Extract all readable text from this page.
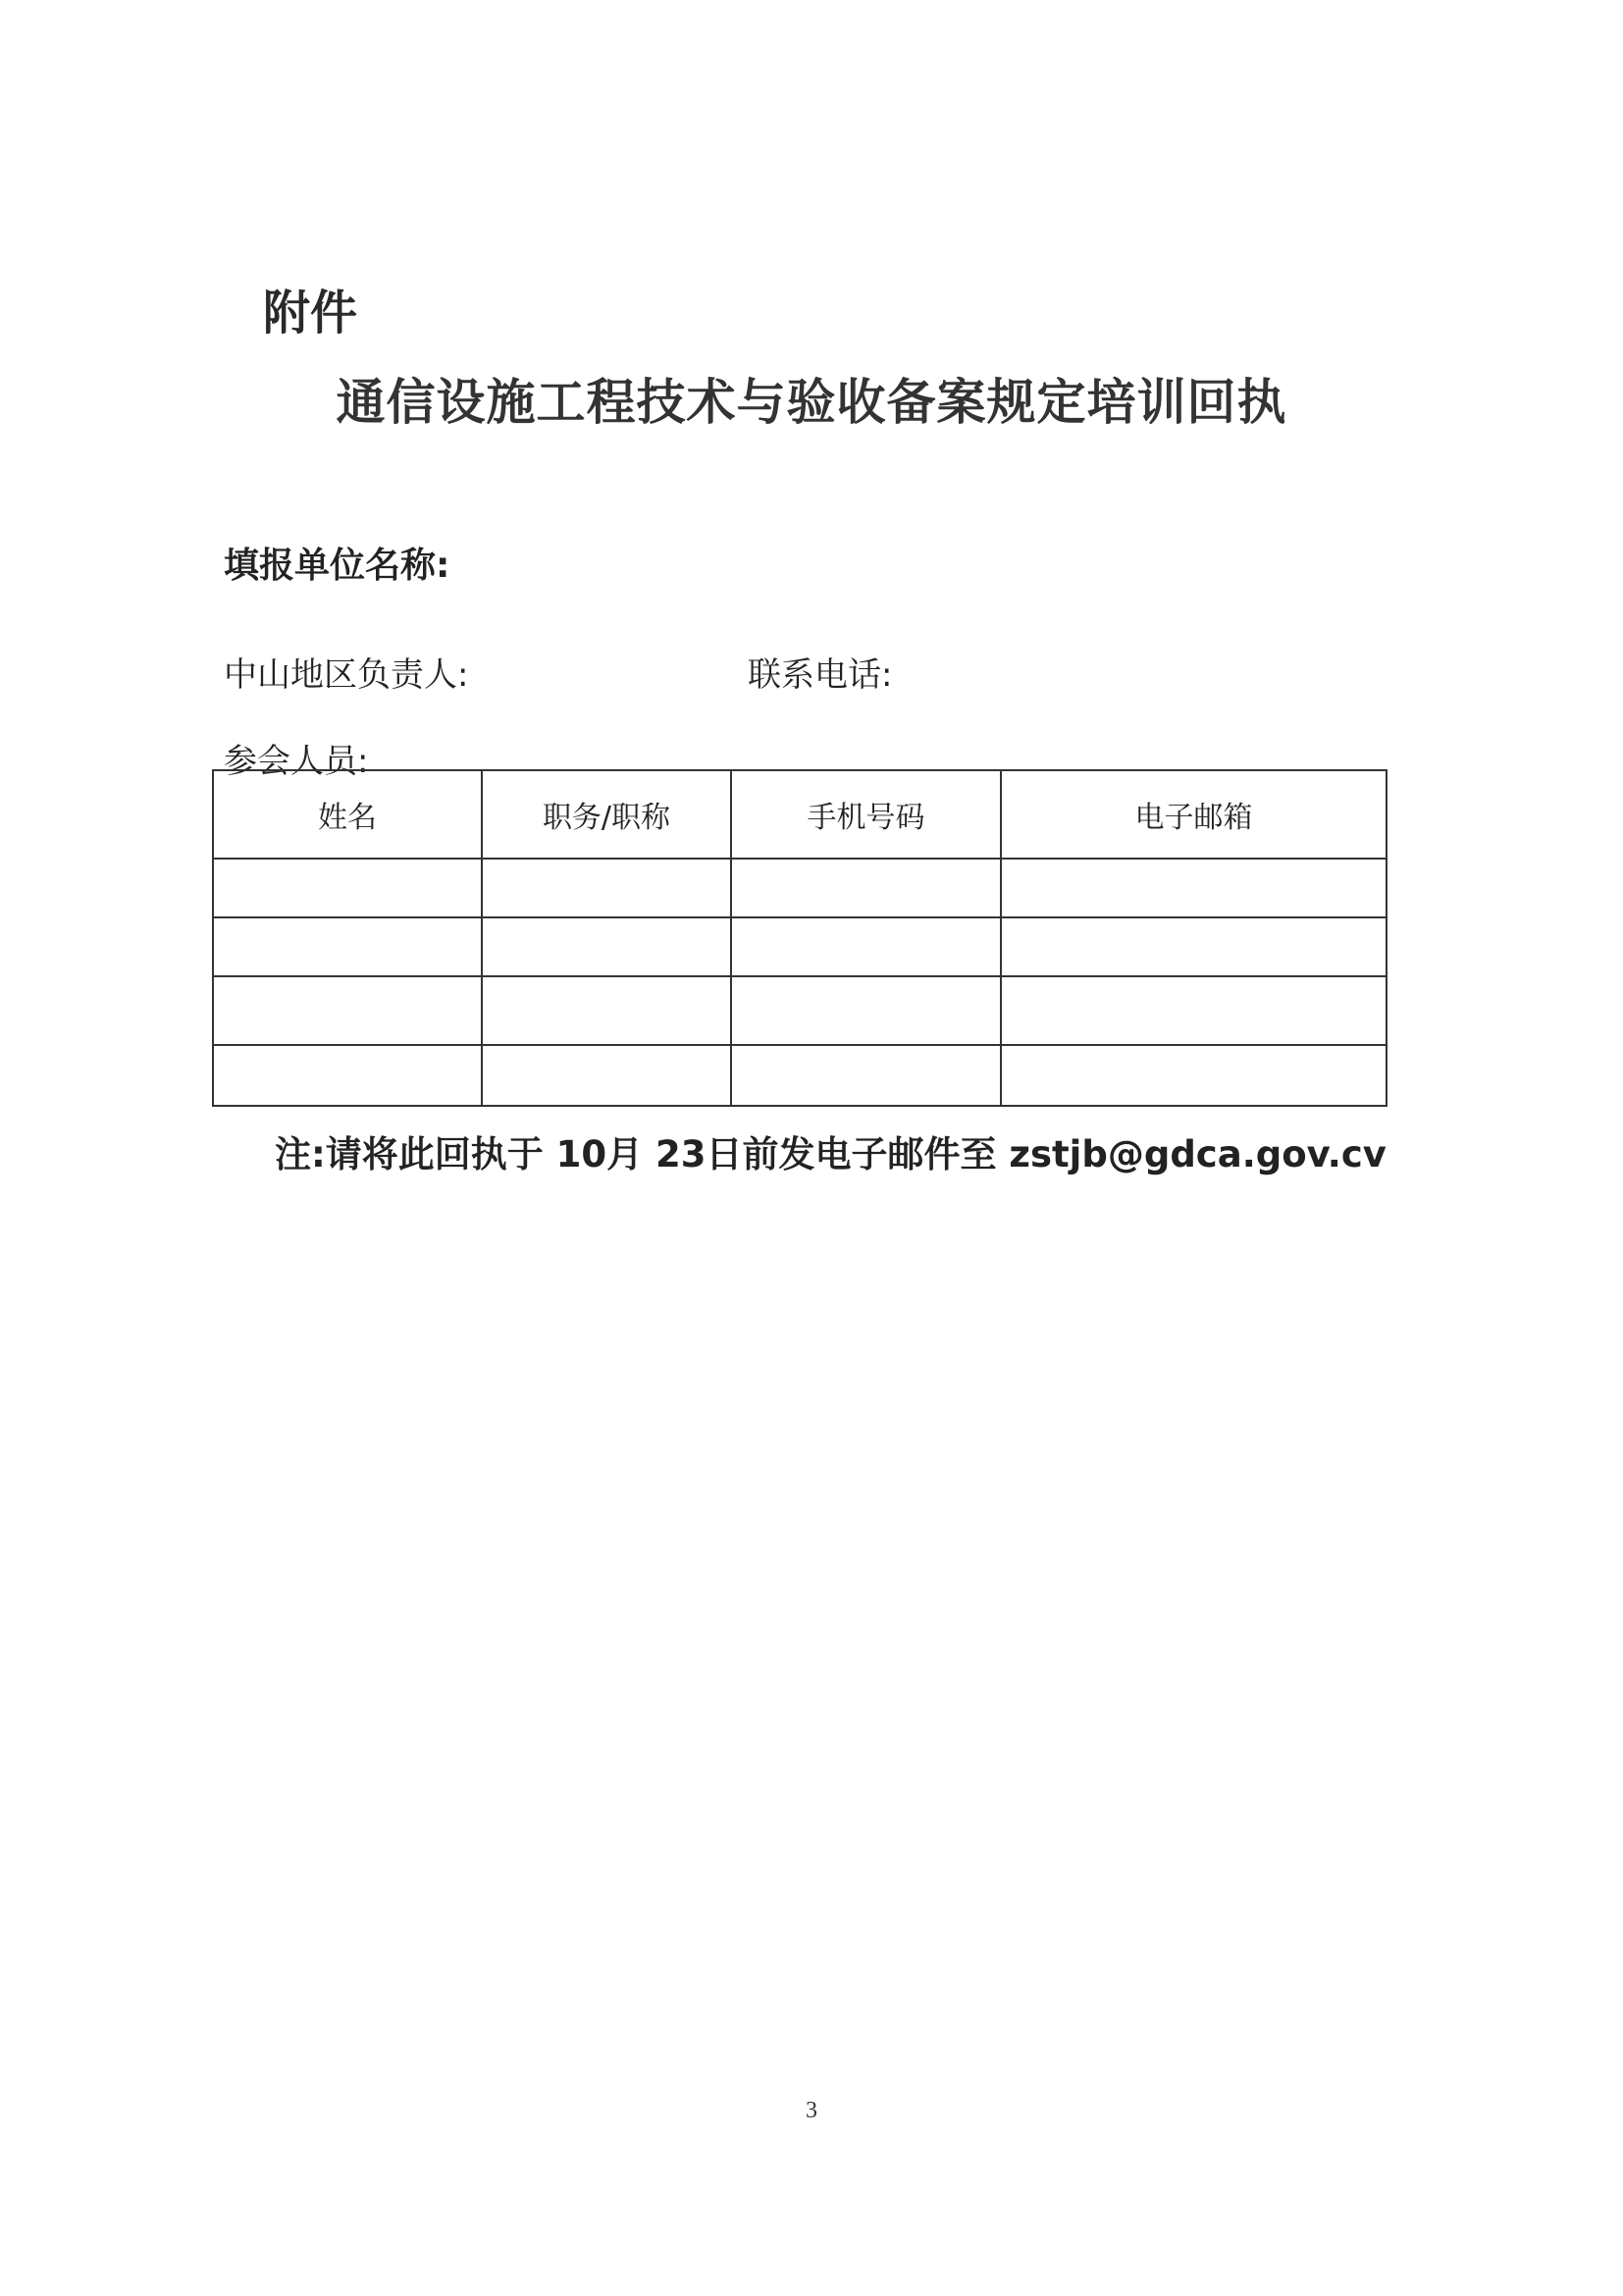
附件
通信设施工程技术与验收备案规定培训回执
填报单位名称:
中山地区负责人:	联系电话:
参会人员:
姓名	职务/职称	手机号码	电子邮箱

注:请将此回执于 10月 23日前发电子邮件至 zstjb@gdca.gov.cv
3
